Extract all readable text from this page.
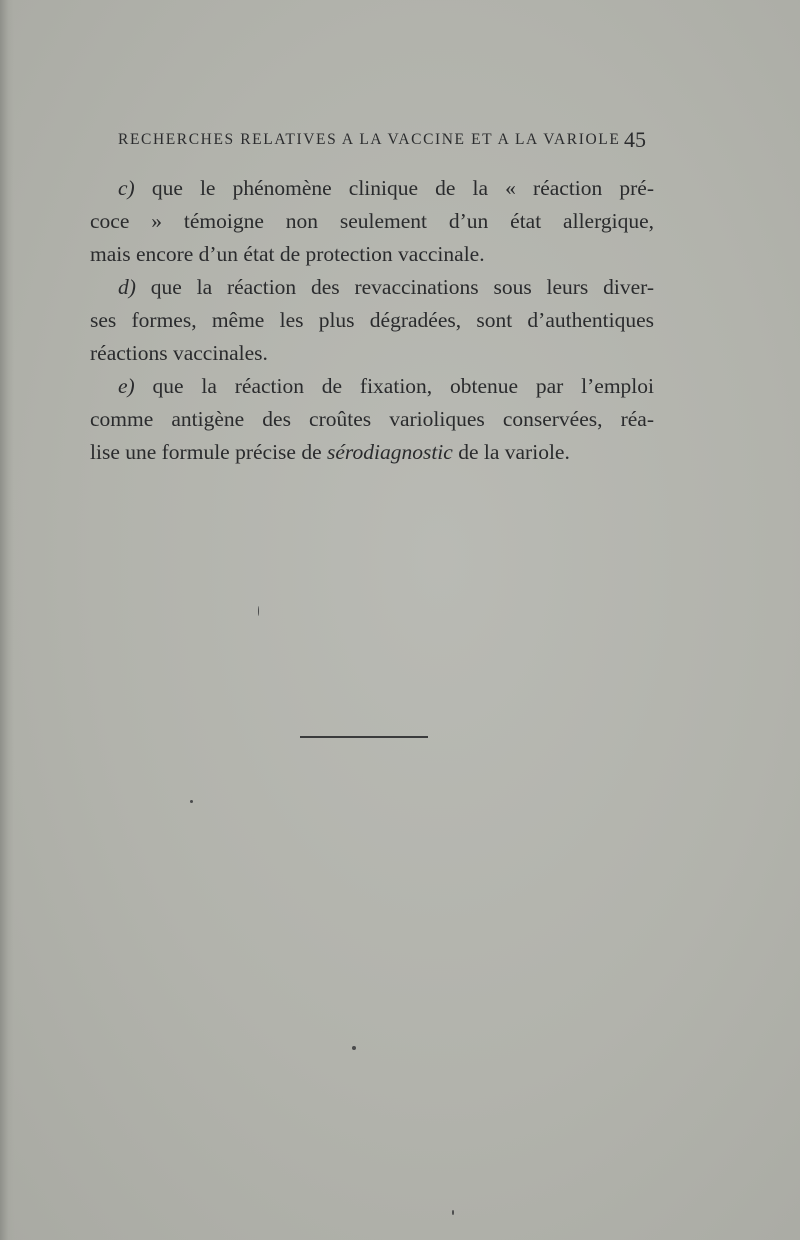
RECHERCHES RELATIVES A LA VACCINE ET A LA VARIOLE 45
c) que le phénomène clinique de la « réaction pré-
coce » témoigne non seulement d’un état allergique,
mais encore d’un état de protection vaccinale.
d) que la réaction des revaccinations sous leurs diver-
ses formes, même les plus dégradées, sont d’authentiques
réactions vaccinales.
e) que la réaction de fixation, obtenue par l’emploi
comme antigène des croûtes varioliques conservées, réa-
lise une formule précise de sérodiagnostic de la variole.
